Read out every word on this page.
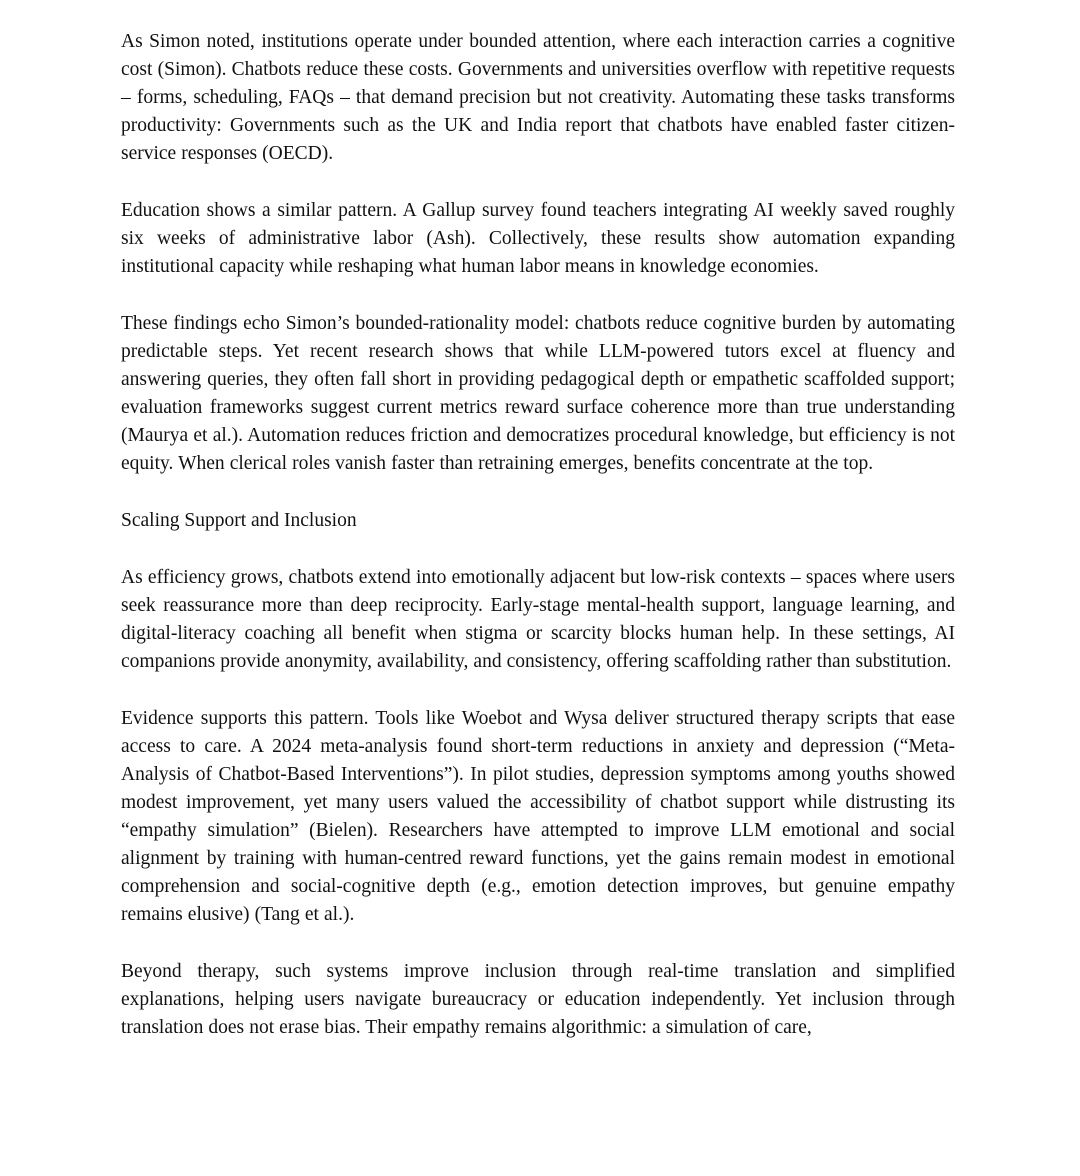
As Simon noted, institutions operate under bounded attention, where each interaction carries a cognitive cost (Simon). Chatbots reduce these costs. Governments and universities overflow with repetitive requests – forms, scheduling, FAQs – that demand precision but not creativity. Automating these tasks transforms productivity: Governments such as the UK and India report that chatbots have enabled faster citizen-service responses (OECD).

Education shows a similar pattern. A Gallup survey found teachers integrating AI weekly saved roughly six weeks of administrative labor (Ash). Collectively, these results show automation expanding institutional capacity while reshaping what human labor means in knowledge economies.

These findings echo Simon’s bounded-rationality model: chatbots reduce cognitive burden by automating predictable steps. Yet recent research shows that while LLM-powered tutors excel at fluency and answering queries, they often fall short in providing pedagogical depth or empathetic scaffolded support; evaluation frameworks suggest current metrics reward surface coherence more than true understanding (Maurya et al.). Automation reduces friction and democratizes procedural knowledge, but efficiency is not equity. When clerical roles vanish faster than retraining emerges, benefits concentrate at the top.

Scaling Support and Inclusion

As efficiency grows, chatbots extend into emotionally adjacent but low-risk contexts – spaces where users seek reassurance more than deep reciprocity. Early-stage mental-health support, language learning, and digital-literacy coaching all benefit when stigma or scarcity blocks human help. In these settings, AI companions provide anonymity, availability, and consistency, offering scaffolding rather than substitution.

Evidence supports this pattern. Tools like Woebot and Wysa deliver structured therapy scripts that ease access to care. A 2024 meta-analysis found short-term reductions in anxiety and depression (“Meta-Analysis of Chatbot-Based Interventions”). In pilot studies, depression symptoms among youths showed modest improvement, yet many users valued the accessibility of chatbot support while distrusting its “empathy simulation” (Bielen). Researchers have attempted to improve LLM emotional and social alignment by training with human-centred reward functions, yet the gains remain modest in emotional comprehension and social-cognitive depth (e.g., emotion detection improves, but genuine empathy remains elusive) (Tang et al.).

Beyond therapy, such systems improve inclusion through real-time translation and simplified explanations, helping users navigate bureaucracy or education independently. Yet inclusion through translation does not erase bias. Their empathy remains algorithmic: a simulation of care,
